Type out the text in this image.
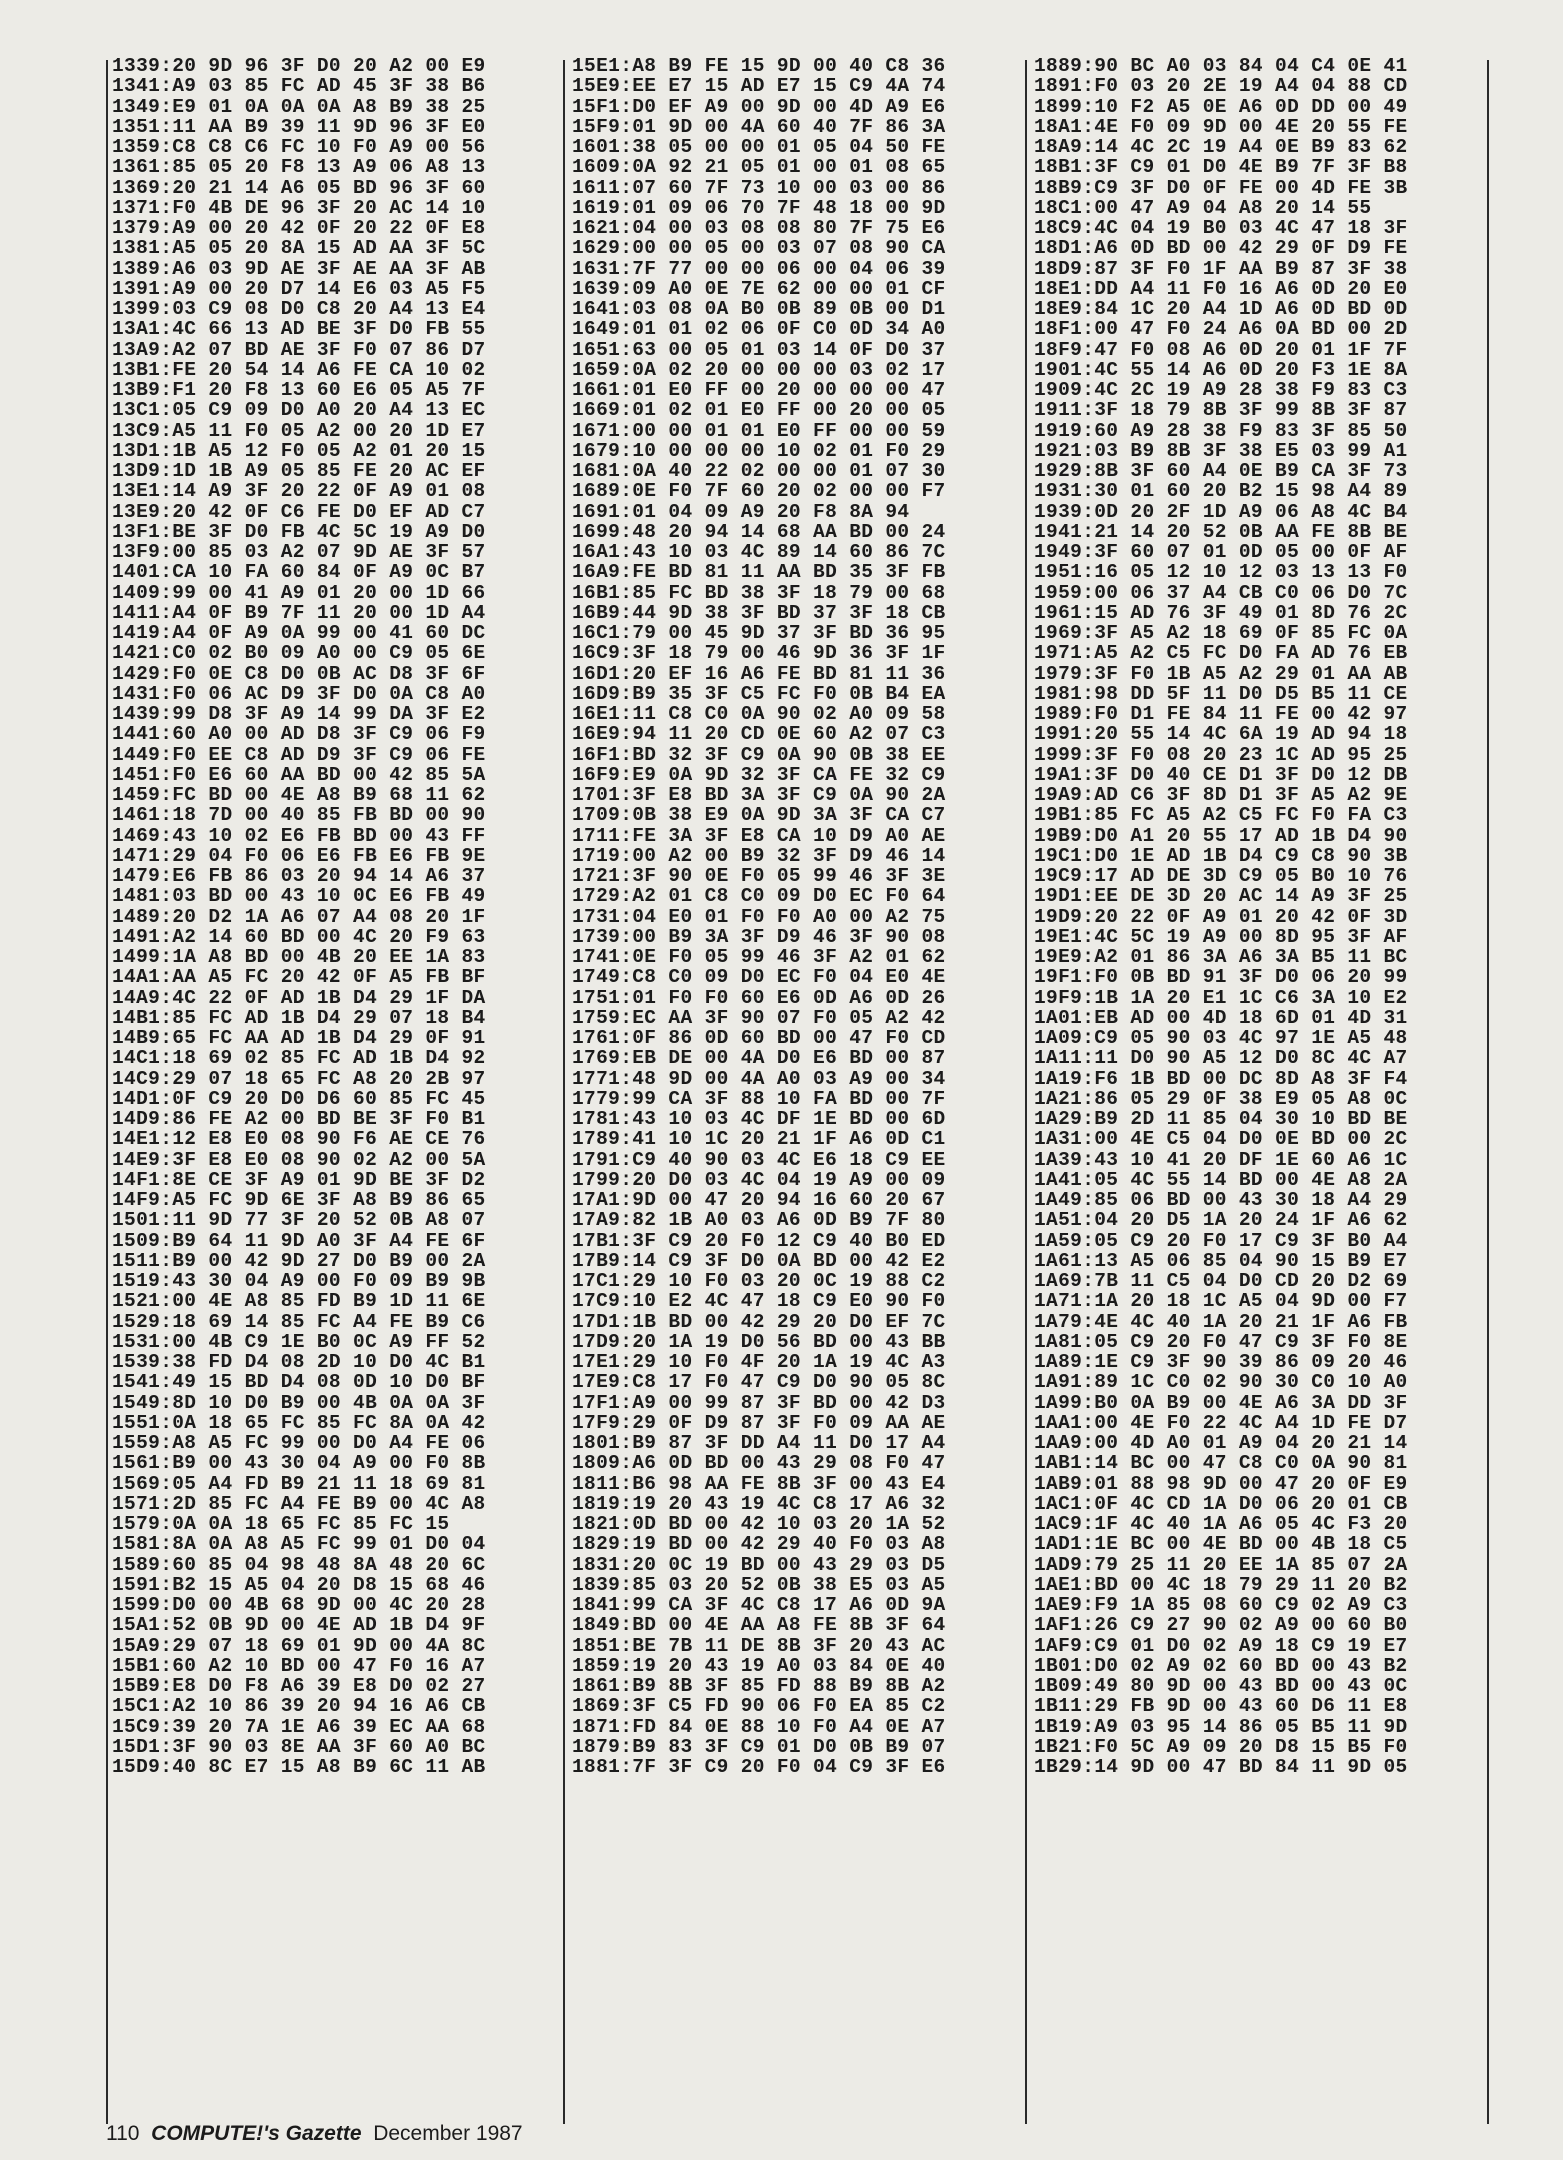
1339:20 9D 96 3F D0 20 A2 00 E9
1341:A9 03 85 FC AD 45 3F 38 B6
1349:E9 01 0A 0A 0A A8 B9 38 25
1351:11 AA B9 39 11 9D 96 3F E0
1359:C8 C8 C6 FC 10 F0 A9 00 56
1361:85 05 20 F8 13 A9 06 A8 13
1369:20 21 14 A6 05 BD 96 3F 60
1371:F0 4B DE 96 3F 20 AC 14 10
1379:A9 00 20 42 0F 20 22 0F E8
1381:A5 05 20 8A 15 AD AA 3F 5C
1389:A6 03 9D AE 3F AE AA 3F AB
1391:A9 00 20 D7 14 E6 03 A5 F5
1399:03 C9 08 D0 C8 20 A4 13 E4
13A1:4C 66 13 AD BE 3F D0 FB 55
13A9:A2 07 BD AE 3F F0 07 86 D7
13B1:FE 20 54 14 A6 FE CA 10 02
13B9:F1 20 F8 13 60 E6 05 A5 7F
13C1:05 C9 09 D0 A0 20 A4 13 EC
13C9:A5 11 F0 05 A2 00 20 1D E7
13D1:1B A5 12 F0 05 A2 01 20 15
13D9:1D 1B A9 05 85 FE 20 AC EF
13E1:14 A9 3F 20 22 0F A9 01 08
13E9:20 42 0F C6 FE D0 EF AD C7
13F1:BE 3F D0 FB 4C 5C 19 A9 D0
13F9:00 85 03 A2 07 9D AE 3F 57
1401:CA 10 FA 60 84 0F A9 0C B7
1409:99 00 41 A9 01 20 00 1D 66
1411:A4 0F B9 7F 11 20 00 1D A4
1419:A4 0F A9 0A 99 00 41 60 DC
1421:C0 02 B0 09 A0 00 C9 05 6E
1429:F0 0E C8 D0 0B AC D8 3F 6F
1431:F0 06 AC D9 3F D0 0A C8 A0
1439:99 D8 3F A9 14 99 DA 3F E2
1441:60 A0 00 AD D8 3F C9 06 F9
1449:F0 EE C8 AD D9 3F C9 06 FE
1451:F0 E6 60 AA BD 00 42 85 5A
1459:FC BD 00 4E A8 B9 68 11 62
1461:18 7D 00 40 85 FB BD 00 90
1469:43 10 02 E6 FB BD 00 43 FF
1471:29 04 F0 06 E6 FB E6 FB 9E
1479:E6 FB 86 03 20 94 14 A6 37
1481:03 BD 00 43 10 0C E6 FB 49
1489:20 D2 1A A6 07 A4 08 20 1F
1491:A2 14 60 BD 00 4C 20 F9 63
1499:1A A8 BD 00 4B 20 EE 1A 83
14A1:AA A5 FC 20 42 0F A5 FB BF
14A9:4C 22 0F AD 1B D4 29 1F DA
14B1:85 FC AD 1B D4 29 07 18 B4
14B9:65 FC AA AD 1B D4 29 0F 91
14C1:18 69 02 85 FC AD 1B D4 92
14C9:29 07 18 65 FC A8 20 2B 97
14D1:0F C9 20 D0 D6 60 85 FC 45
14D9:86 FE A2 00 BD BE 3F F0 B1
14E1:12 E8 E0 08 90 F6 AE CE 76
14E9:3F E8 E0 08 90 02 A2 00 5A
14F1:8E CE 3F A9 01 9D BE 3F D2
14F9:A5 FC 9D 6E 3F A8 B9 86 65
1501:11 9D 77 3F 20 52 0B A8 07
1509:B9 64 11 9D A0 3F A4 FE 6F
1511:B9 00 42 9D 27 D0 B9 00 2A
1519:43 30 04 A9 00 F0 09 B9 9B
1521:00 4E A8 85 FD B9 1D 11 6E
1529:18 69 14 85 FC A4 FE B9 C6
1531:00 4B C9 1E B0 0C A9 FF 52
1539:38 FD D4 08 2D 10 D0 4C B1
1541:49 15 BD D4 08 0D 10 D0 BF
1549:8D 10 D0 B9 00 4B 0A 0A 3F
1551:0A 18 65 FC 85 FC 8A 0A 42
1559:A8 A5 FC 99 00 D0 A4 FE 06
1561:B9 00 43 30 04 A9 00 F0 8B
1569:05 A4 FD B9 21 11 18 69 81
1571:2D 85 FC A4 FE B9 00 4C A8
1579:0A 0A 18 65 FC 85 FC 15
1581:8A 0A A8 A5 FC 99 01 D0 04
1589:60 85 04 98 48 8A 48 20 6C
1591:B2 15 A5 04 20 D8 15 68 46
1599:D0 00 4B 68 9D 00 4C 20 28
15A1:52 0B 9D 00 4E AD 1B D4 9F
15A9:29 07 18 69 01 9D 00 4A 8C
15B1:60 A2 10 BD 00 47 F0 16 A7
15B9:E8 D0 F8 A6 39 E8 D0 02 27
15C1:A2 10 86 39 20 94 16 A6 CB
15C9:39 20 7A 1E A6 39 EC AA 68
15D1:3F 90 03 8E AA 3F 60 A0 BC
15D9:40 8C E7 15 A8 B9 6C 11 AB
15E1:A8 B9 FE 15 9D 00 40 C8 36
15E9:EE E7 15 AD E7 15 C9 4A 74
15F1:D0 EF A9 00 9D 00 4D A9 E6
15F9:01 9D 00 4A 60 40 7F 86 3A
1601:38 05 00 00 01 05 04 50 FE
1609:0A 92 21 05 01 00 01 08 65
1611:07 60 7F 73 10 00 03 00 86
1619:01 09 06 70 7F 48 18 00 9D
1621:04 00 03 08 08 80 7F 75 E6
1629:00 00 05 00 03 07 08 90 CA
1631:7F 77 00 00 06 00 04 06 39
1639:09 A0 0E 7E 62 00 00 01 CF
1641:03 08 0A B0 0B 89 0B 00 D1
1649:01 01 02 06 0F C0 0D 34 A0
1651:63 00 05 01 03 14 0F D0 37
1659:0A 02 20 00 00 00 03 02 17
1661:01 E0 FF 00 20 00 00 00 47
1669:01 02 01 E0 FF 00 20 00 05
1671:00 00 01 01 E0 FF 00 00 59
1679:10 00 00 00 10 02 01 F0 29
1681:0A 40 22 02 00 00 01 07 30
1689:0E F0 7F 60 20 02 00 00 F7
1691:01 04 09 A9 20 F8 8A 94
1699:48 20 94 14 68 AA BD 00 24
16A1:43 10 03 4C 89 14 60 86 7C
16A9:FE BD 81 11 AA BD 35 3F FB
16B1:85 FC BD 38 3F 18 79 00 68
16B9:44 9D 38 3F BD 37 3F 18 CB
16C1:79 00 45 9D 37 3F BD 36 95
16C9:3F 18 79 00 46 9D 36 3F 1F
16D1:20 EF 16 A6 FE BD 81 11 36
16D9:B9 35 3F C5 FC F0 0B B4 EA
16E1:11 C8 C0 0A 90 02 A0 09 58
16E9:94 11 20 CD 0E 60 A2 07 C3
16F1:BD 32 3F C9 0A 90 0B 38 EE
16F9:E9 0A 9D 32 3F CA FE 32 C9
1701:3F E8 BD 3A 3F C9 0A 90 2A
1709:0B 38 E9 0A 9D 3A 3F CA C7
1711:FE 3A 3F E8 CA 10 D9 A0 AE
1719:00 A2 00 B9 32 3F D9 46 14
1721:3F 90 0E F0 05 99 46 3F 3E
1729:A2 01 C8 C0 09 D0 EC F0 64
1731:04 E0 01 F0 F0 A0 00 A2 75
1739:00 B9 3A 3F D9 46 3F 90 08
1741:0E F0 05 99 46 3F A2 01 62
1749:C8 C0 09 D0 EC F0 04 E0 4E
1751:01 F0 F0 60 E6 0D A6 0D 26
1759:EC AA 3F 90 07 F0 05 A2 42
1761:0F 86 0D 60 BD 00 47 F0 CD
1769:EB DE 00 4A D0 E6 BD 00 87
1771:48 9D 00 4A A0 03 A9 00 34
1779:99 CA 3F 88 10 FA BD 00 7F
1781:43 10 03 4C DF 1E BD 00 6D
1789:41 10 1C 20 21 1F A6 0D C1
1791:C9 40 90 03 4C E6 18 C9 EE
1799:20 D0 03 4C 04 19 A9 00 09
17A1:9D 00 47 20 94 16 60 20 67
17A9:82 1B A0 03 A6 0D B9 7F 80
17B1:3F C9 20 F0 12 C9 40 B0 ED
17B9:14 C9 3F D0 0A BD 00 42 E2
17C1:29 10 F0 03 20 0C 19 88 C2
17C9:10 E2 4C 47 18 C9 E0 90 F0
17D1:1B BD 00 42 29 20 D0 EF 7C
17D9:20 1A 19 D0 56 BD 00 43 BB
17E1:29 10 F0 4F 20 1A 19 4C A3
17E9:C8 17 F0 47 C9 D0 90 05 8C
17F1:A9 00 99 87 3F BD 00 42 D3
17F9:29 0F D9 87 3F F0 09 AA AE
1801:B9 87 3F DD A4 11 D0 17 A4
1809:A6 0D BD 00 43 29 08 F0 47
1811:B6 98 AA FE 8B 3F 00 43 E4
1819:19 20 43 19 4C C8 17 A6 32
1821:0D BD 00 42 10 03 20 1A 52
1829:19 BD 00 42 29 40 F0 03 A8
1831:20 0C 19 BD 00 43 29 03 D5
1839:85 03 20 52 0B 38 E5 03 A5
1841:99 CA 3F 4C C8 17 A6 0D 9A
1849:BD 00 4E AA A8 FE 8B 3F 64
1851:BE 7B 11 DE 8B 3F 20 43 AC
1859:19 20 43 19 A0 03 84 0E 40
1861:B9 8B 3F 85 FD 88 B9 8B A2
1869:3F C5 FD 90 06 F0 EA 85 C2
1871:FD 84 0E 88 10 F0 A4 0E A7
1879:B9 83 3F C9 01 D0 0B B9 07
1881:7F 3F C9 20 F0 04 C9 3F E6
1889:90 BC A0 03 84 04 C4 0E 41
1891:F0 03 20 2E 19 A4 04 88 CD
1899:10 F2 A5 0E A6 0D DD 00 49
18A1:4E F0 09 9D 00 4E 20 55 FE
18A9:14 4C 2C 19 A4 0E B9 83 62
18B1:3F C9 01 D0 4E B9 7F 3F B8
18B9:C9 3F D0 0F FE 00 4D FE 3B
18C1:00 47 A9 04 A8 20 14 55
18C9:4C 04 19 B0 03 4C 47 18 3F
18D1:A6 0D BD 00 42 29 0F D9 FE
18D9:87 3F F0 1F AA B9 87 3F 38
18E1:DD A4 11 F0 16 A6 0D 20 E0
18E9:84 1C 20 A4 1D A6 0D BD 0D
18F1:00 47 F0 24 A6 0A BD 00 2D
18F9:47 F0 08 A6 0D 20 01 1F 7F
1901:4C 55 14 A6 0D 20 F3 1E 8A
1909:4C 2C 19 A9 28 38 F9 83 C3
1911:3F 18 79 8B 3F 99 8B 3F 87
1919:60 A9 28 38 F9 83 3F 85 50
1921:03 B9 8B 3F 38 E5 03 99 A1
1929:8B 3F 60 A4 0E B9 CA 3F 73
1931:30 01 60 20 B2 15 98 A4 89
1939:0D 20 2F 1D A9 06 A8 4C B4
1941:21 14 20 52 0B AA FE 8B BE
1949:3F 60 07 01 0D 05 00 0F AF
1951:16 05 12 10 12 03 13 13 F0
1959:00 06 37 A4 CB C0 06 D0 7C
1961:15 AD 76 3F 49 01 8D 76 2C
1969:3F A5 A2 18 69 0F 85 FC 0A
1971:A5 A2 C5 FC D0 FA AD 76 EB
1979:3F F0 1B A5 A2 29 01 AA AB
1981:98 DD 5F 11 D0 D5 B5 11 CE
1989:F0 D1 FE 84 11 FE 00 42 97
1991:20 55 14 4C 6A 19 AD 94 18
1999:3F F0 08 20 23 1C AD 95 25
19A1:3F D0 40 CE D1 3F D0 12 DB
19A9:AD C6 3F 8D D1 3F A5 A2 9E
19B1:85 FC A5 A2 C5 FC F0 FA C3
19B9:D0 A1 20 55 17 AD 1B D4 90
19C1:D0 1E AD 1B D4 C9 C8 90 3B
19C9:17 AD DE 3D C9 05 B0 10 76
19D1:EE DE 3D 20 AC 14 A9 3F 25
19D9:20 22 0F A9 01 20 42 0F 3D
19E1:4C 5C 19 A9 00 8D 95 3F AF
19E9:A2 01 86 3A A6 3A B5 11 BC
19F1:F0 0B BD 91 3F D0 06 20 99
19F9:1B 1A 20 E1 1C C6 3A 10 E2
1A01:EB AD 00 4D 18 6D 01 4D 31
1A09:C9 05 90 03 4C 97 1E A5 48
1A11:11 D0 90 A5 12 D0 8C 4C A7
1A19:F6 1B BD 00 DC 8D A8 3F F4
1A21:86 05 29 0F 38 E9 05 A8 0C
1A29:B9 2D 11 85 04 30 10 BD BE
1A31:00 4E C5 04 D0 0E BD 00 2C
1A39:43 10 41 20 DF 1E 60 A6 1C
1A41:05 4C 55 14 BD 00 4E A8 2A
1A49:85 06 BD 00 43 30 18 A4 29
1A51:04 20 D5 1A 20 24 1F A6 62
1A59:05 C9 20 F0 17 C9 3F B0 A4
1A61:13 A5 06 85 04 90 15 B9 E7
1A69:7B 11 C5 04 D0 CD 20 D2 69
1A71:1A 20 18 1C A5 04 9D 00 F7
1A79:4E 4C 40 1A 20 21 1F A6 FB
1A81:05 C9 20 F0 47 C9 3F F0 8E
1A89:1E C9 3F 90 39 86 09 20 46
1A91:89 1C C0 02 90 30 C0 10 A0
1A99:B0 0A B9 00 4E A6 3A DD 3F
1AA1:00 4E F0 22 4C A4 1D FE D7
1AA9:00 4D A0 01 A9 04 20 21 14
1AB1:14 BC 00 47 C8 C0 0A 90 81
1AB9:01 88 98 9D 00 47 20 0F E9
1AC1:0F 4C CD 1A D0 06 20 01 CB
1AC9:1F 4C 40 1A A6 05 4C F3 20
1AD1:1E BC 00 4E BD 00 4B 18 C5
1AD9:79 25 11 20 EE 1A 85 07 2A
1AE1:BD 00 4C 18 79 29 11 20 B2
1AE9:F9 1A 85 08 60 C9 02 A9 C3
1AF1:26 C9 27 90 02 A9 00 60 B0
1AF9:C9 01 D0 02 A9 18 C9 19 E7
1B01:D0 02 A9 02 60 BD 00 43 B2
1B09:49 80 9D 00 43 BD 00 43 0C
1B11:29 FB 9D 00 43 60 D6 11 E8
1B19:A9 03 95 14 86 05 B5 11 9D
1B21:F0 5C A9 09 20 D8 15 B5 F0
1B29:14 9D 00 47 BD 84 11 9D 05
110 COMPUTE!'s Gazette December 1987
